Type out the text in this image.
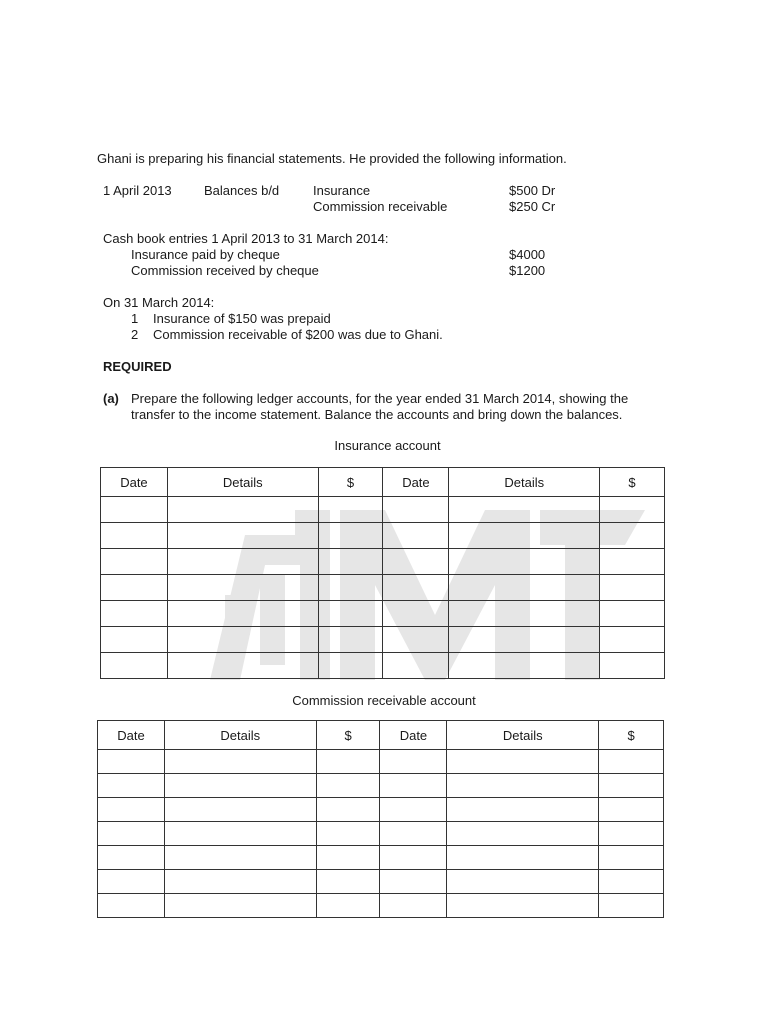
Ghani is preparing his financial statements. He provided the following information.
1 April 2013 Balances b/d	Insurance	$500 Dr
Commission receivable	$250 Cr
Cash book entries 1 April 2013 to 31 March 2014:
Insurance paid by cheque	$4000
Commission received by cheque	$1200
On 31 March 2014:
1 Insurance of $150 was prepaid
2 Commission receivable of $200 was due to Ghani.
REQUIRED
(a) Prepare the following ledger accounts, for the year ended 31 March 2014, showing the
transfer to the income statement. Balance the accounts and bring down the balances.
Insurance account
Date	Details	$	Date	Details	$

Commission receivable account
Date	Details	$	Date	Details	$
